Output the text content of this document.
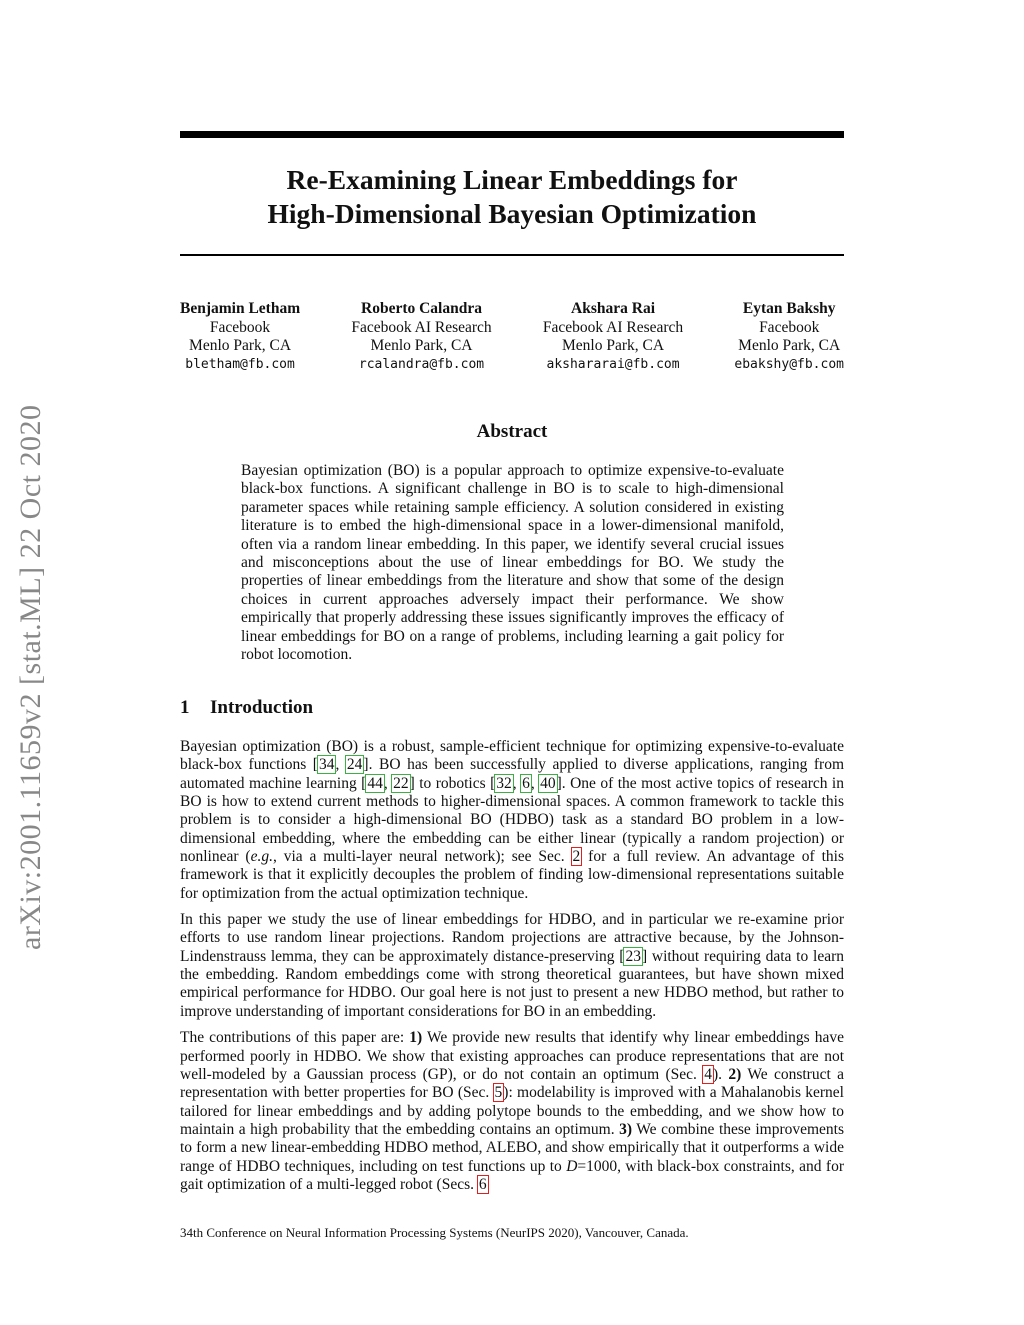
arXiv:2001.11659v2 [stat.ML] 22 Oct 2020
Re-Examining Linear Embeddings for
High-Dimensional Bayesian Optimization
Benjamin Letham
Facebook
Menlo Park, CA
bletham@fb.com
Roberto Calandra
Facebook AI Research
Menlo Park, CA
rcalandra@fb.com
Akshara Rai
Facebook AI Research
Menlo Park, CA
akshararai@fb.com
Eytan Bakshy
Facebook
Menlo Park, CA
ebakshy@fb.com
Abstract
Bayesian optimization (BO) is a popular approach to optimize expensive-to-evaluate black-box functions. A significant challenge in BO is to scale to high-dimensional parameter spaces while retaining sample efficiency. A solution considered in existing literature is to embed the high-dimensional space in a lower-dimensional manifold, often via a random linear embedding. In this paper, we identify several crucial issues and misconceptions about the use of linear embeddings for BO. We study the properties of linear embeddings from the literature and show that some of the design choices in current approaches adversely impact their performance. We show empirically that properly addressing these issues significantly improves the efficacy of linear embeddings for BO on a range of problems, including learning a gait policy for robot locomotion.
1 Introduction

Bayesian optimization (BO) is a robust, sample-efficient technique for optimizing expensive-to-evaluate black-box functions [34, 24]. BO has been successfully applied to diverse applications, ranging from automated machine learning [44, 22] to robotics [32, 6, 40]. One of the most active topics of research in BO is how to extend current methods to higher-dimensional spaces. A common framework to tackle this problem is to consider a high-dimensional BO (HDBO) task as a standard BO problem in a low-dimensional embedding, where the embedding can be either linear (typically a random projection) or nonlinear (e.g., via a multi-layer neural network); see Sec. 2 for a full review. An advantage of this framework is that it explicitly decouples the problem of finding low-dimensional representations suitable for optimization from the actual optimization technique.

In this paper we study the use of linear embeddings for HDBO, and in particular we re-examine prior efforts to use random linear projections. Random projections are attractive because, by the Johnson-Lindenstrauss lemma, they can be approximately distance-preserving [23] without requiring data to learn the embedding. Random embeddings come with strong theoretical guarantees, but have shown mixed empirical performance for HDBO. Our goal here is not just to present a new HDBO method, but rather to improve understanding of important considerations for BO in an embedding.

The contributions of this paper are: 1) We provide new results that identify why linear embeddings have performed poorly in HDBO. We show that existing approaches can produce representations that are not well-modeled by a Gaussian process (GP), or do not contain an optimum (Sec. 4). 2) We construct a representation with better properties for BO (Sec. 5): modelability is improved with a Mahalanobis kernel tailored for linear embeddings and by adding polytope bounds to the embedding, and we show how to maintain a high probability that the embedding contains an optimum. 3) We combine these improvements to form a new linear-embedding HDBO method, ALEBO, and show empirically that it outperforms a wide range of HDBO techniques, including on test functions up to D=1000, with black-box constraints, and for gait optimization of a multi-legged robot (Secs. 6

34th Conference on Neural Information Processing Systems (NeurIPS 2020), Vancouver, Canada.
